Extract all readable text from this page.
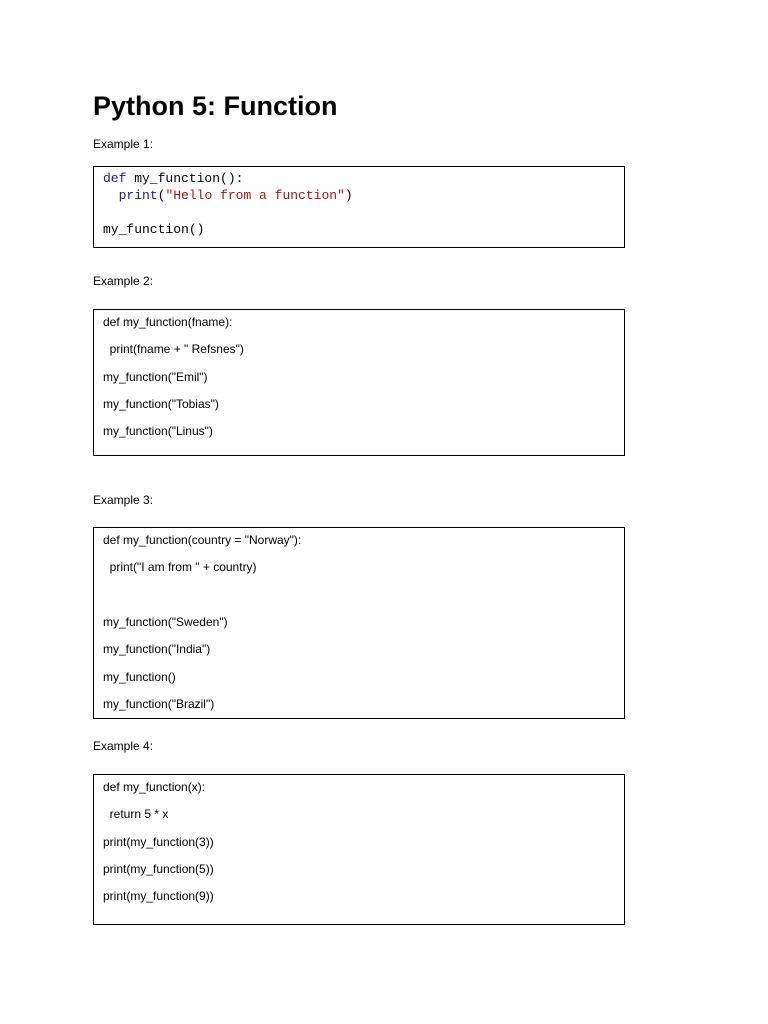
Python 5: Function
Example 1:
def my_function():
print("Hello from a function")
my_function()
Example 2:
def my_function(fname):
print(fname + " Refsnes")
my_function("Emil")
my_function("Tobias")
my_function("Linus")
Example 3:
def my_function(country = "Norway"):
print("I am from " + country)
my_function("Sweden")
my_function("India")
my_function()
my_function("Brazil")
Example 4:
def my_function(x):
return 5 * x
print(my_function(3))
print(my_function(5))
print(my_function(9))
